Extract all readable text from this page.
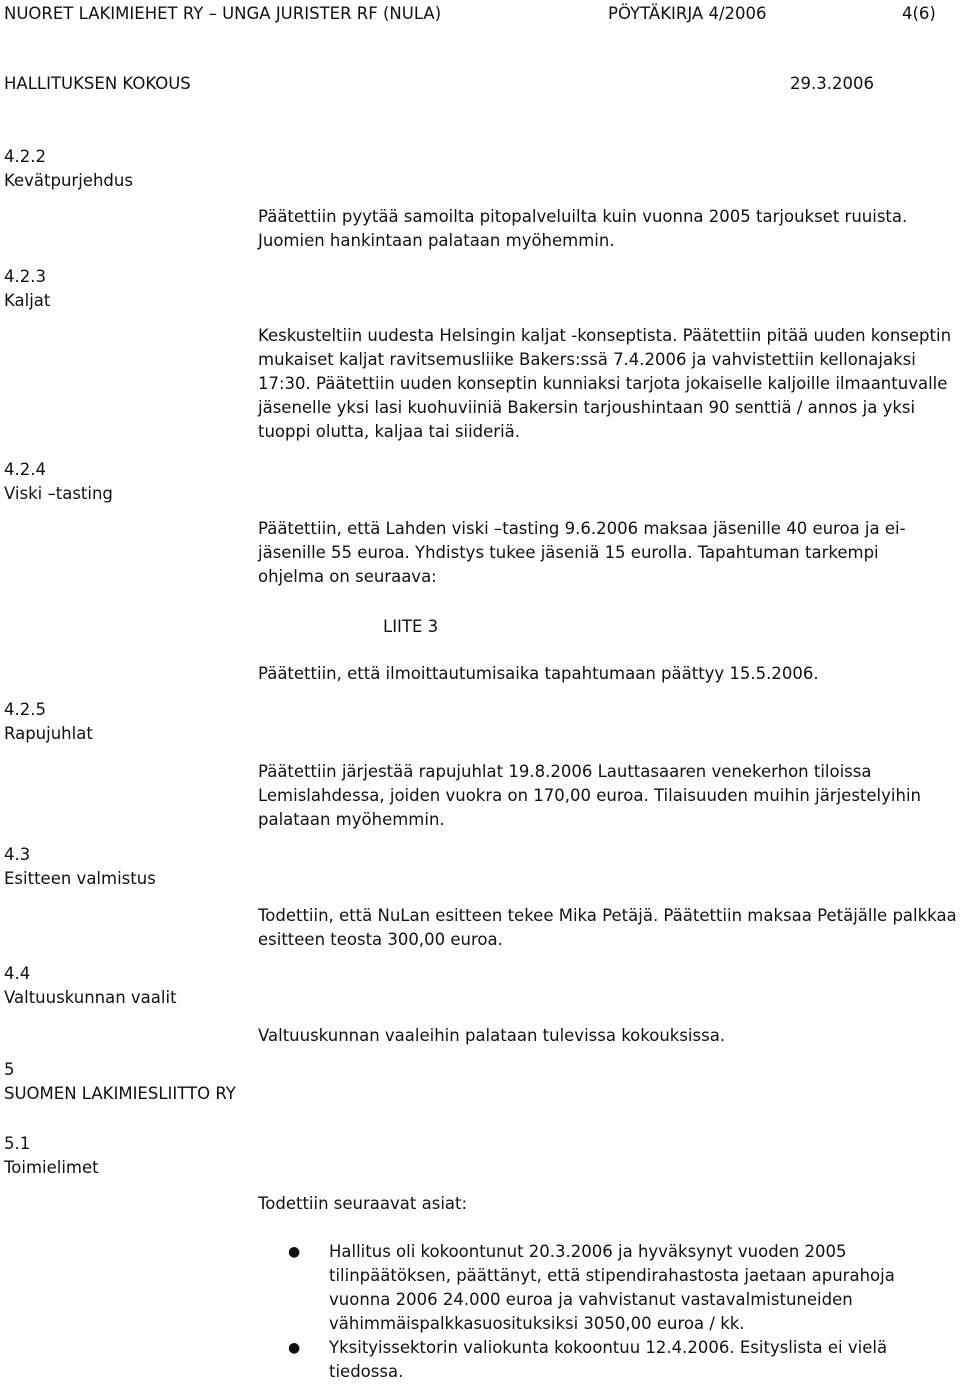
NUORET LAKIMIEHET RY – UNGA JURISTER RF (NULA)	PÖYTÄKIRJA 4/2006	4(6)
HALLITUKSEN KOKOUS	29.3.2006
4.2.2
Kevätpurjehdus
Päätettiin pyytää samoilta pitopalveluilta kuin vuonna 2005 tarjoukset ruuista. Juomien hankintaan palataan myöhemmin.
4.2.3
Kaljat
Keskusteltiin uudesta Helsingin kaljat -konseptista. Päätettiin pitää uuden konseptin mukaiset kaljat ravitsemusliike Bakers:ssä 7.4.2006 ja vahvistettiin kellonajaksi 17:30. Päätettiin uuden konseptin kunniaksi tarjota jokaiselle kaljoille ilmaantuvalle jäsenelle yksi lasi kuohuviiniä Bakersin tarjoushintaan 90 senttiä / annos ja yksi tuoppi olutta, kaljaa tai siideriä.
4.2.4
Viski –tasting
Päätettiin, että Lahden viski –tasting 9.6.2006 maksaa jäsenille 40 euroa ja ei-jäsenille 55 euroa. Yhdistys tukee jäseniä 15 eurolla. Tapahtuman tarkempi ohjelma on seuraava:
LIITE 3
Päätettiin, että ilmoittautumisaika tapahtumaan päättyy 15.5.2006.
4.2.5
Rapujuhlat
Päätettiin järjestää rapujuhlat 19.8.2006 Lauttasaaren venekerhon tiloissa Lemislahdessa, joiden vuokra on 170,00 euroa. Tilaisuuden muihin järjestelyihin palataan myöhemmin.
4.3
Esitteen valmistus
Todettiin, että NuLan esitteen tekee Mika Petäjä. Päätettiin maksaa Petäjälle palkkaa esitteen teosta 300,00 euroa.
4.4
Valtuuskunnan vaalit
Valtuuskunnan vaaleihin palataan tulevissa kokouksissa.
5
SUOMEN LAKIMIESLIITTO RY
5.1
Toimielimet
Todettiin seuraavat asiat:
● Hallitus oli kokoontunut 20.3.2006 ja hyväksynyt vuoden 2005 tilinpäätöksen, päättänyt, että stipendirahastosta jaetaan apurahoja vuonna 2006 24.000 euroa ja vahvistanut vastavalmistuneiden vähimmäispalkkasuosituksiksi 3050,00 euroa / kk.
● Yksityissektorin valiokunta kokoontuu 12.4.2006. Esityslista ei vielä tiedossa.
